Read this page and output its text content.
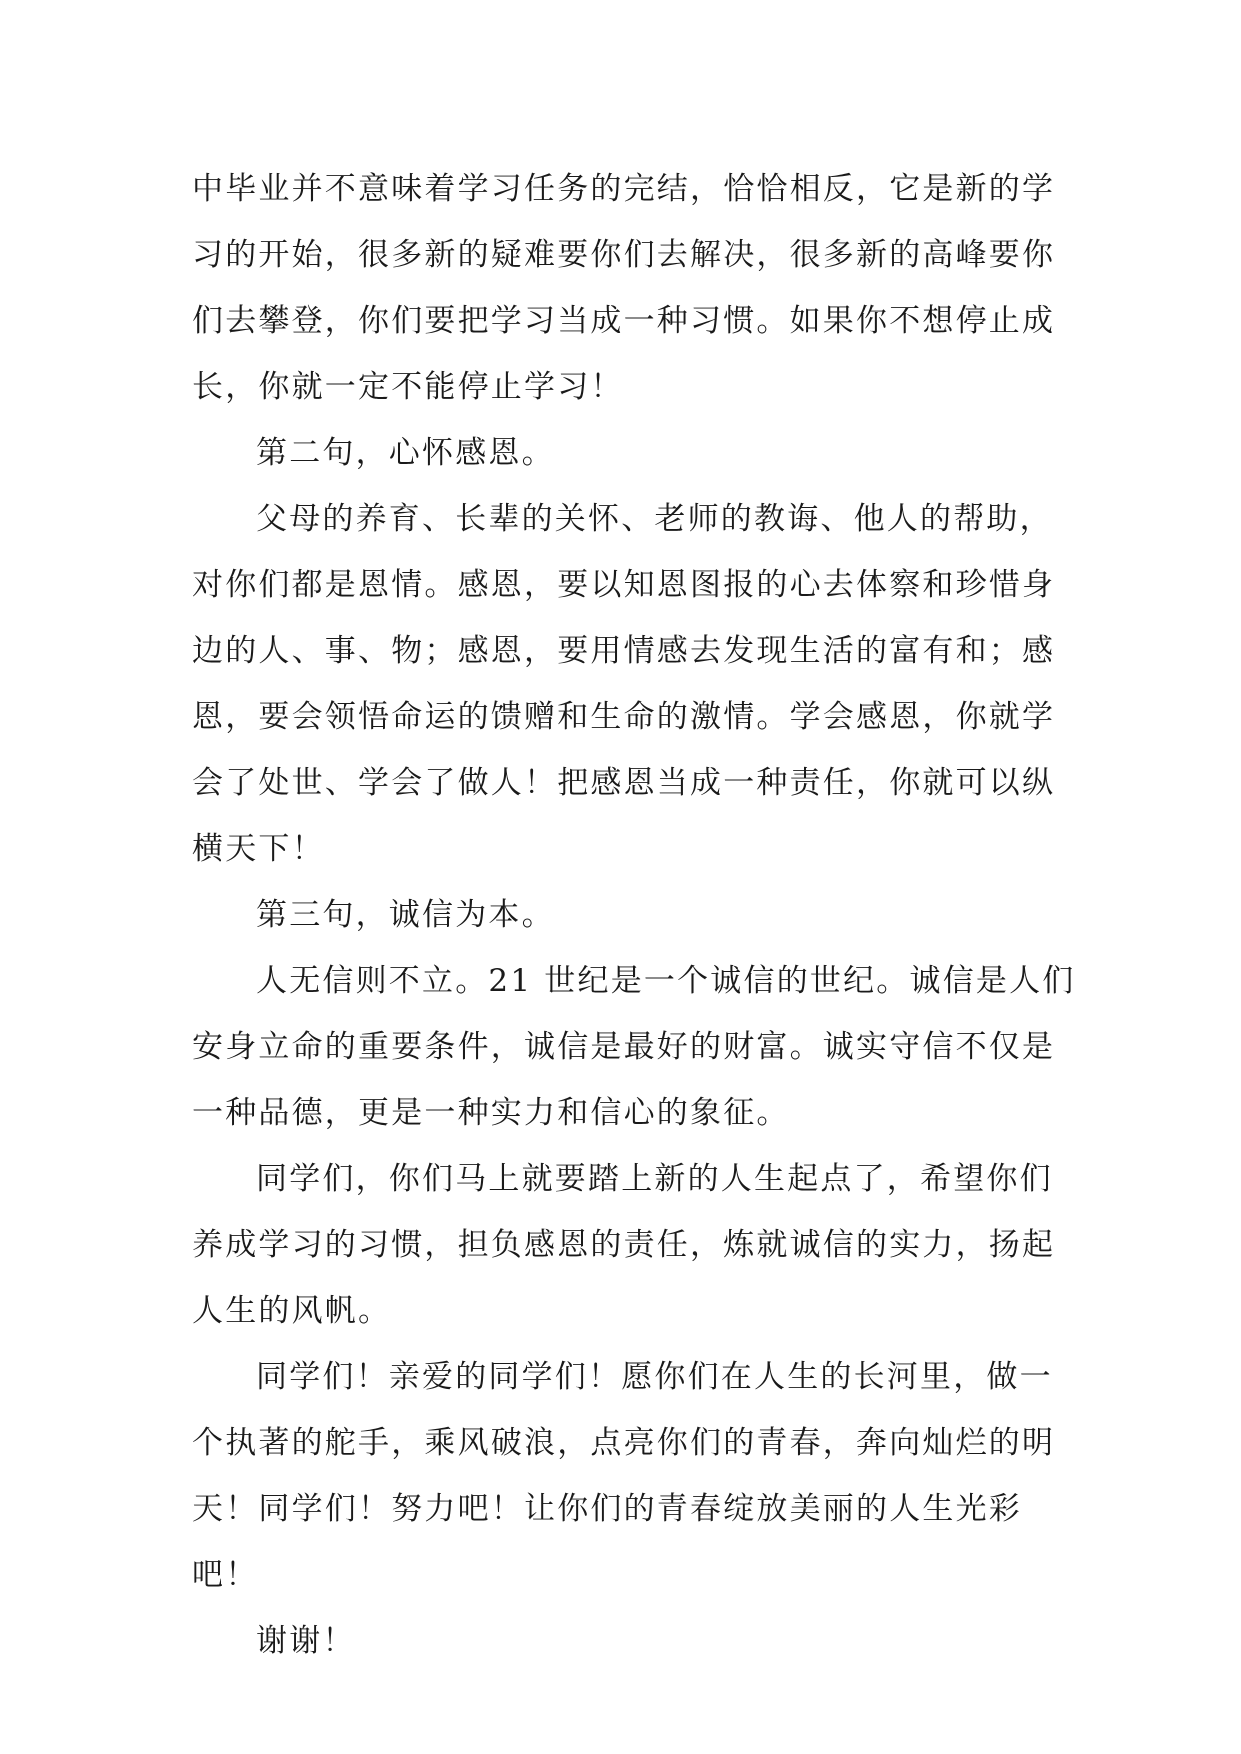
中毕业并不意味着学习任务的完结，恰恰相反，它是新的学
习的开始，很多新的疑难要你们去解决，很多新的高峰要你
们去攀登，你们要把学习当成一种习惯。如果你不想停止成
长，你就一定不能停止学习！
第二句，心怀感恩。
父母的养育、长辈的关怀、老师的教诲、他人的帮助，
对你们都是恩情。感恩，要以知恩图报的心去体察和珍惜身
边的人、事、物；感恩，要用情感去发现生活的富有和；感
恩，要会领悟命运的馈赠和生命的激情。学会感恩，你就学
会了处世、学会了做人！把感恩当成一种责任，你就可以纵
横天下！
第三句，诚信为本。
人无信则不立。21 世纪是一个诚信的世纪。诚信是人们
安身立命的重要条件，诚信是最好的财富。诚实守信不仅是
一种品德，更是一种实力和信心的象征。
同学们，你们马上就要踏上新的人生起点了，希望你们
养成学习的习惯，担负感恩的责任，炼就诚信的实力，扬起
人生的风帆。
同学们！亲爱的同学们！愿你们在人生的长河里，做一
个执著的舵手，乘风破浪，点亮你们的青春，奔向灿烂的明
天！同学们！努力吧！让你们的青春绽放美丽的人生光彩
吧！
谢谢！
